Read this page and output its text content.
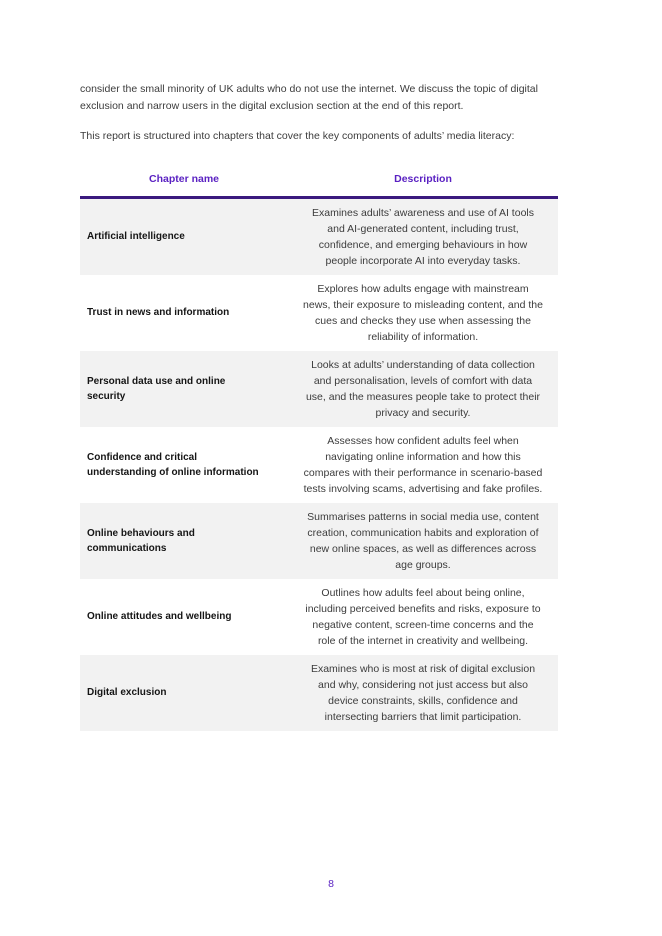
consider the small minority of UK adults who do not use the internet. We discuss the topic of digital exclusion and narrow users in the digital exclusion section at the end of this report.

This report is structured into chapters that cover the key components of adults’ media literacy:

Chapter name	Description
Artificial intelligence	Examines adults’ awareness and use of AI tools and AI-generated content, including trust, confidence, and emerging behaviours in how people incorporate AI into everyday tasks.
Trust in news and information	Explores how adults engage with mainstream news, their exposure to misleading content, and the cues and checks they use when assessing the reliability of information.
Personal data use and online security	Looks at adults’ understanding of data collection and personalisation, levels of comfort with data use, and the measures people take to protect their privacy and security.
Confidence and critical understanding of online information	Assesses how confident adults feel when navigating online information and how this compares with their performance in scenario-based tests involving scams, advertising and fake profiles.
Online behaviours and communications	Summarises patterns in social media use, content creation, communication habits and exploration of new online spaces, as well as differences across age groups.
Online attitudes and wellbeing	Outlines how adults feel about being online, including perceived benefits and risks, exposure to negative content, screen-time concerns and the role of the internet in creativity and wellbeing.
Digital exclusion	Examines who is most at risk of digital exclusion and why, considering not just access but also device constraints, skills, confidence and intersecting barriers that limit participation.
8
